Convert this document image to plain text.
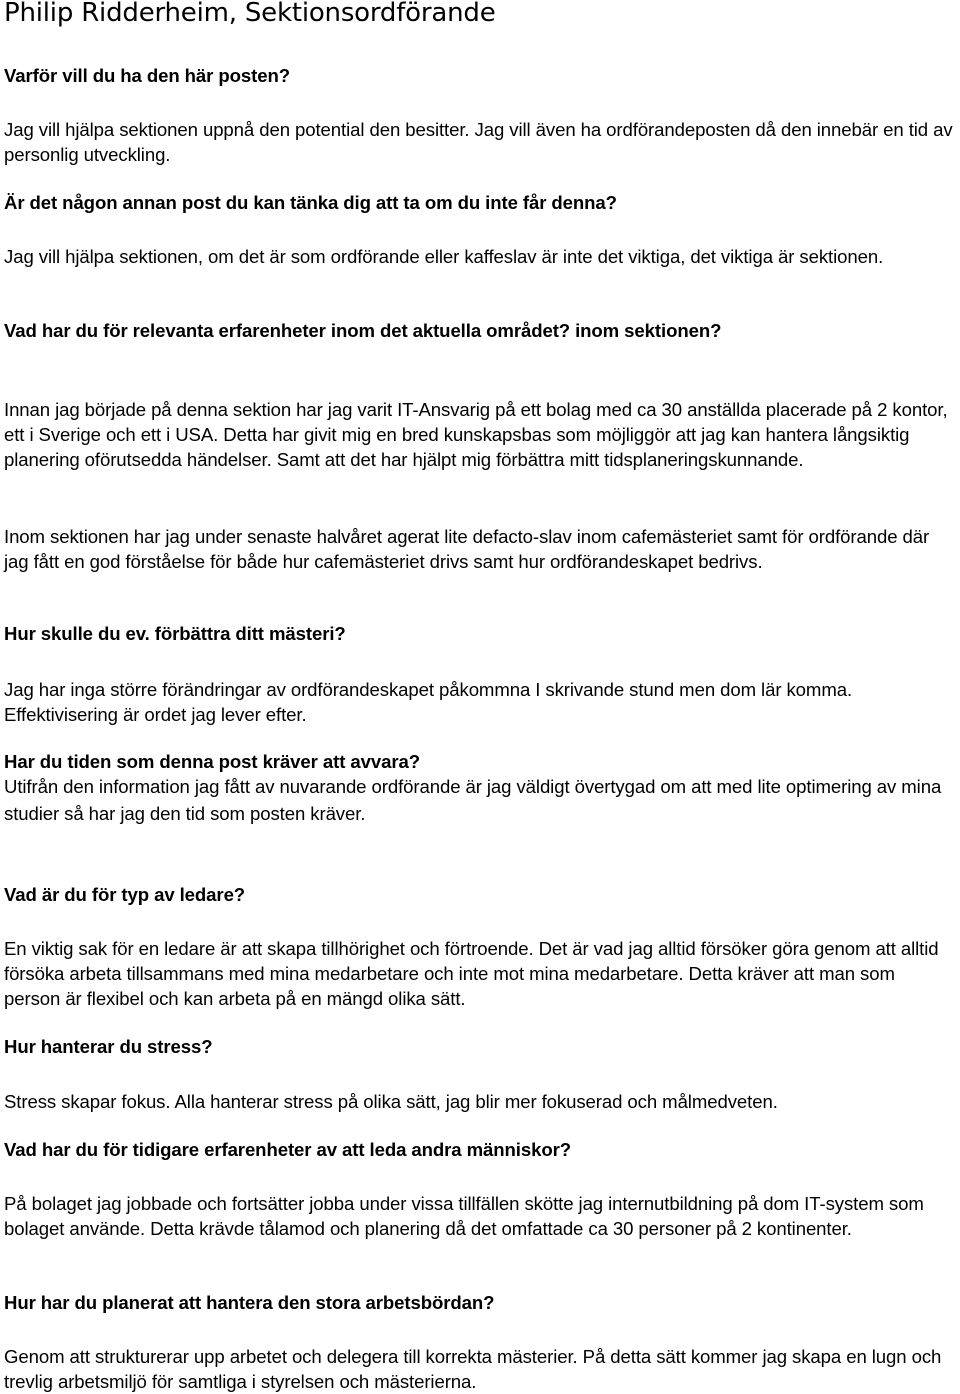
Philip Ridderheim, Sektionsordförande

Varför vill du ha den här posten?

Jag vill hjälpa sektionen uppnå den potential den besitter. Jag vill även ha ordförandeposten då den innebär en tid av personlig utveckling.

Är det någon annan post du kan tänka dig att ta om du inte får denna?

Jag vill hjälpa sektionen, om det är som ordförande eller kaffeslav är inte det viktiga, det viktiga är sektionen.

Vad har du för relevanta erfarenheter inom det aktuella området? inom sektionen?

Innan jag började på denna sektion har jag varit IT-Ansvarig på ett bolag med ca 30 anställda placerade på 2 kontor, ett i Sverige och ett i USA. Detta har givit mig en bred kunskapsbas som möjliggör att jag kan hantera långsiktig planering oförutsedda händelser. Samt att det har hjälpt mig förbättra mitt tidsplaneringskunnande.

Inom sektionen har jag under senaste halvåret agerat lite defacto-slav inom cafemästeriet samt för ordförande där jag fått en god förståelse för både hur cafemästeriet drivs samt hur ordförandeskapet bedrivs.

Hur skulle du ev. förbättra ditt mästeri?

Jag har inga större förändringar av ordförandeskapet påkommna I skrivande stund men dom lär komma. Effektivisering är ordet jag lever efter.

Har du tiden som denna post kräver att avvara?

Utifrån den information jag fått av nuvarande ordförande är jag väldigt övertygad om att med lite optimering av mina studier så har jag den tid som posten kräver.

Vad är du för typ av ledare?

En viktig sak för en ledare är att skapa tillhörighet och förtroende. Det är vad jag alltid försöker göra genom att alltid försöka arbeta tillsammans med mina medarbetare och inte mot mina medarbetare. Detta kräver att man som person är flexibel och kan arbeta på en mängd olika sätt.

Hur hanterar du stress?

Stress skapar fokus. Alla hanterar stress på olika sätt, jag blir mer fokuserad och målmedveten.

Vad har du för tidigare erfarenheter av att leda andra människor?

På bolaget jag jobbade och fortsätter jobba under vissa tillfällen skötte jag internutbildning på dom IT-system som bolaget använde. Detta krävde tålamod och planering då det omfattade ca 30 personer på 2 kontinenter.

Hur har du planerat att hantera den stora arbetsbördan?

Genom att strukturerar upp arbetet och delegera till korrekta mästerier. På detta sätt kommer jag skapa en lugn och trevlig arbetsmiljö för samtliga i styrelsen och mästerierna.
